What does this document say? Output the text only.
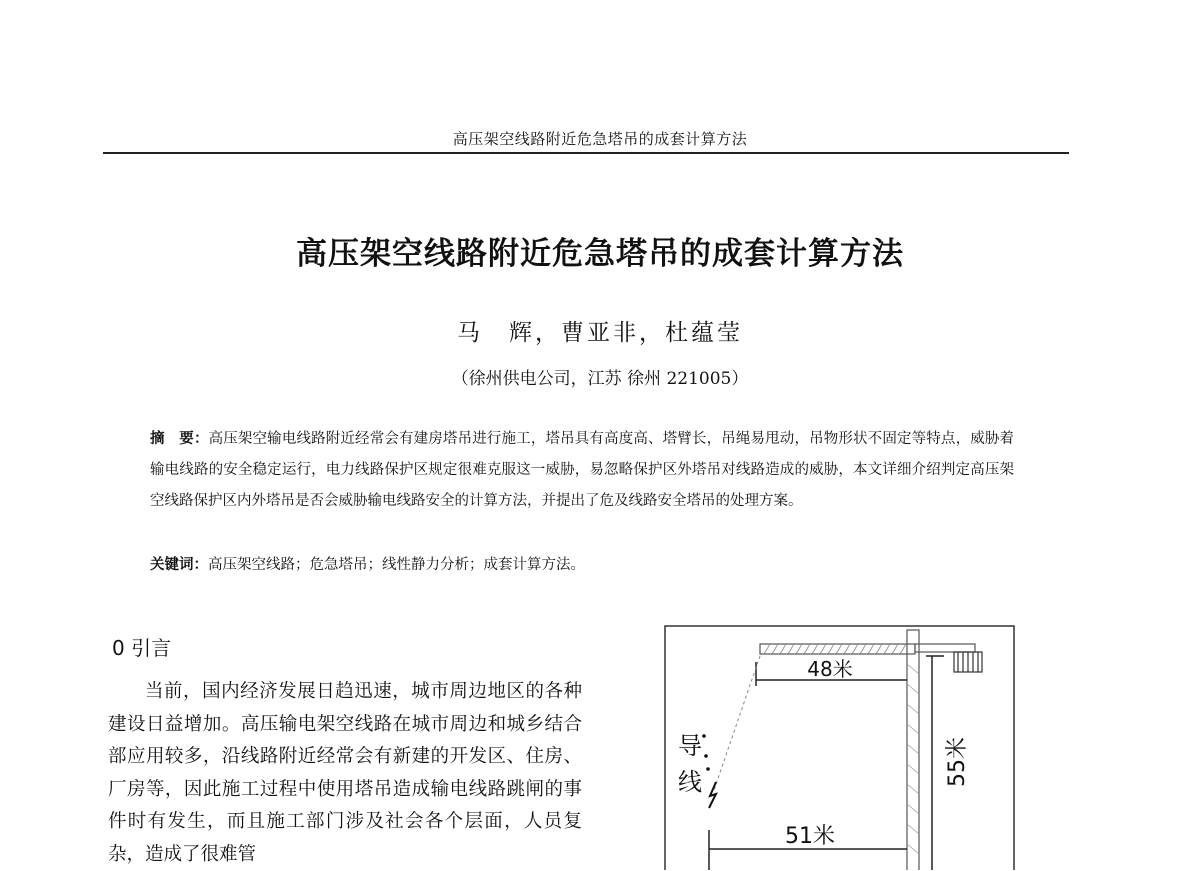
高压架空线路附近危急塔吊的成套计算方法
高压架空线路附近危急塔吊的成套计算方法
马　辉，曹亚非，杜蕴莹
（徐州供电公司，江苏 徐州 221005）
摘　要：高压架空输电线路附近经常会有建房塔吊进行施工，塔吊具有高度高、塔臂长，吊绳易甩动，吊物形状不固定等特点，威胁着输电线路的安全稳定运行，电力线路保护区规定很难克服这一威胁，易忽略保护区外塔吊对线路造成的威胁，本文详细介绍判定高压架空线路保护区内外塔吊是否会威胁输电线路安全的计算方法，并提出了危及线路安全塔吊的处理方案。
关键词：高压架空线路；危急塔吊；线性静力分析；成套计算方法。
0 引言

当前，国内经济发展日趋迅速，城市周边地区的各种建设日益增加。高压输电架空线路在城市周边和城乡结合部应用较多，沿线路附近经常会有新建的开发区、住房、厂房等，因此施工过程中使用塔吊造成输电线路跳闸的事件时有发生，而且施工部门涉及社会各个层面，人员复杂，造成了很难管

48米
55米
51米
导
线
